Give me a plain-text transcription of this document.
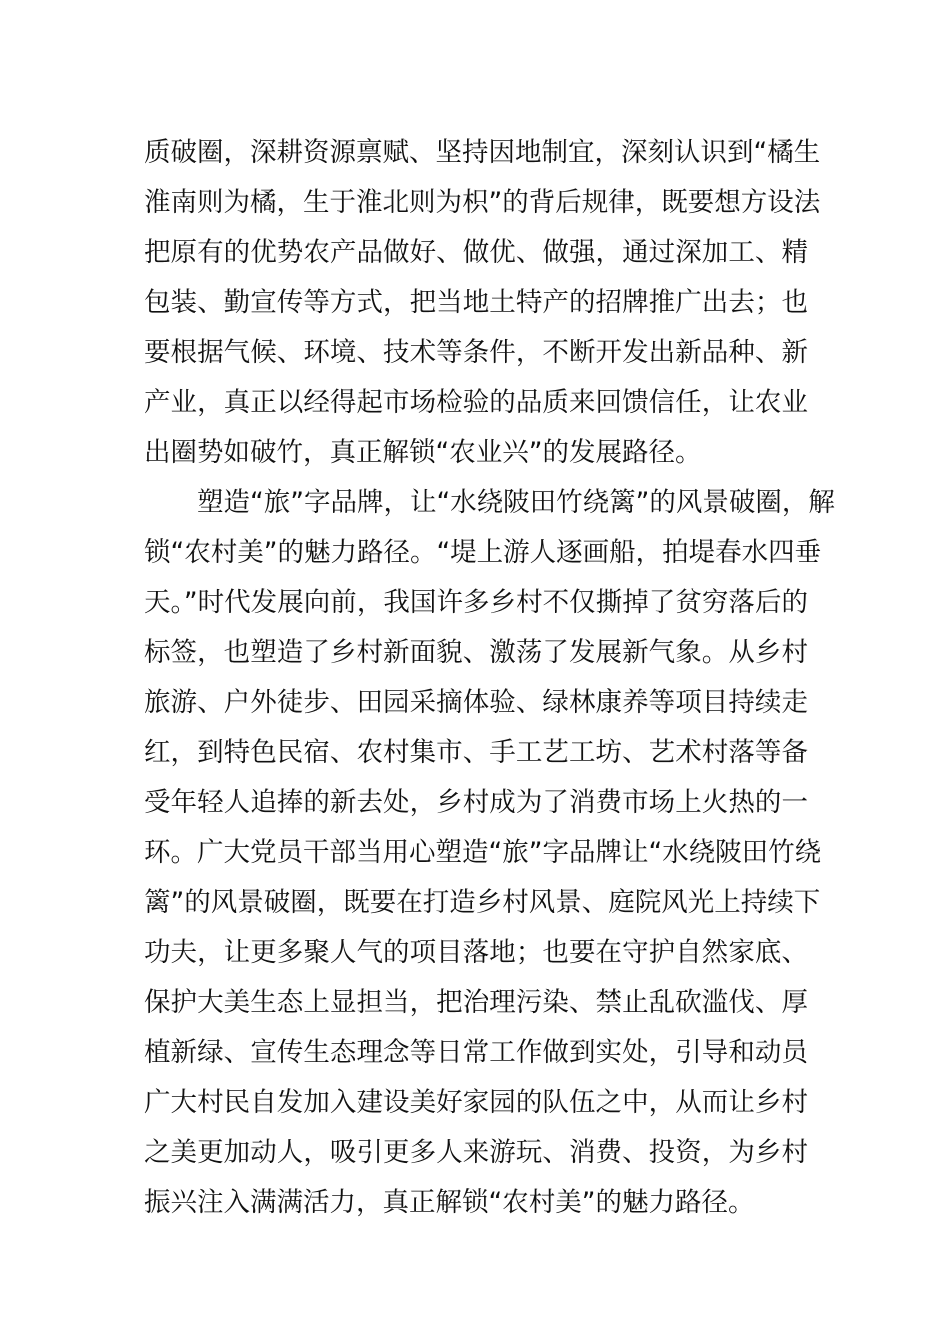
质破圈，深耕资源禀赋、坚持因地制宜，深刻认识到“橘生
淮南则为橘，生于淮北则为枳”的背后规律，既要想方设法
把原有的优势农产品做好、做优、做强，通过深加工、精
包装、勤宣传等方式，把当地土特产的招牌推广出去；也
要根据气候、环境、技术等条件，不断开发出新品种、新
产业，真正以经得起市场检验的品质来回馈信任，让农业
出圈势如破竹，真正解锁“农业兴”的发展路径。
塑造“旅”字品牌，让“水绕陂田竹绕篱”的风景破圈，解
锁“农村美”的魅力路径。“堤上游人逐画船，拍堤春水四垂
天。”时代发展向前，我国许多乡村不仅撕掉了贫穷落后的
标签，也塑造了乡村新面貌、激荡了发展新气象。从乡村
旅游、户外徒步、田园采摘体验、绿林康养等项目持续走
红，到特色民宿、农村集市、手工艺工坊、艺术村落等备
受年轻人追捧的新去处，乡村成为了消费市场上火热的一
环。广大党员干部当用心塑造“旅”字品牌让“水绕陂田竹绕
篱”的风景破圈，既要在打造乡村风景、庭院风光上持续下
功夫，让更多聚人气的项目落地；也要在守护自然家底、
保护大美生态上显担当，把治理污染、禁止乱砍滥伐、厚
植新绿、宣传生态理念等日常工作做到实处，引导和动员
广大村民自发加入建设美好家园的队伍之中，从而让乡村
之美更加动人，吸引更多人来游玩、消费、投资，为乡村
振兴注入满满活力，真正解锁“农村美”的魅力路径。
